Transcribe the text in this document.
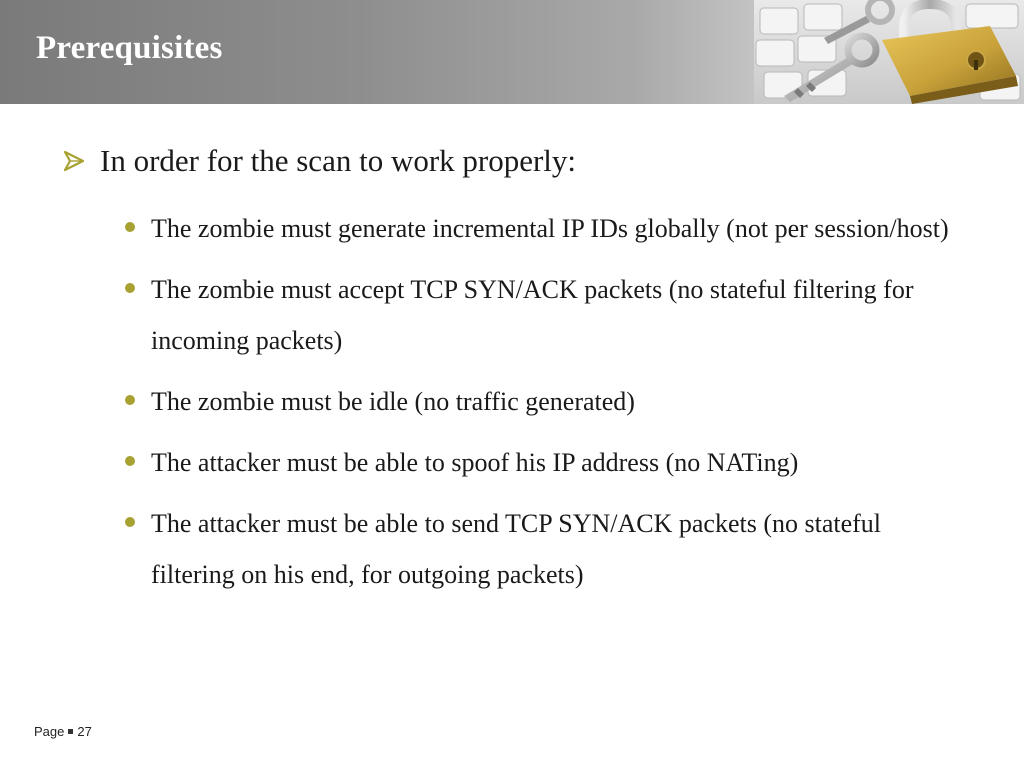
Prerequisites
In order for the scan to work properly:
The zombie must generate incremental IP IDs globally (not per session/host)
The zombie must accept TCP SYN/ACK packets (no stateful filtering for incoming packets)
The zombie must be idle (no traffic generated)
The attacker must be able to spoof his IP address (no NATing)
The attacker must be able to send TCP SYN/ACK packets (no stateful filtering on his end, for outgoing packets)
Page 27
